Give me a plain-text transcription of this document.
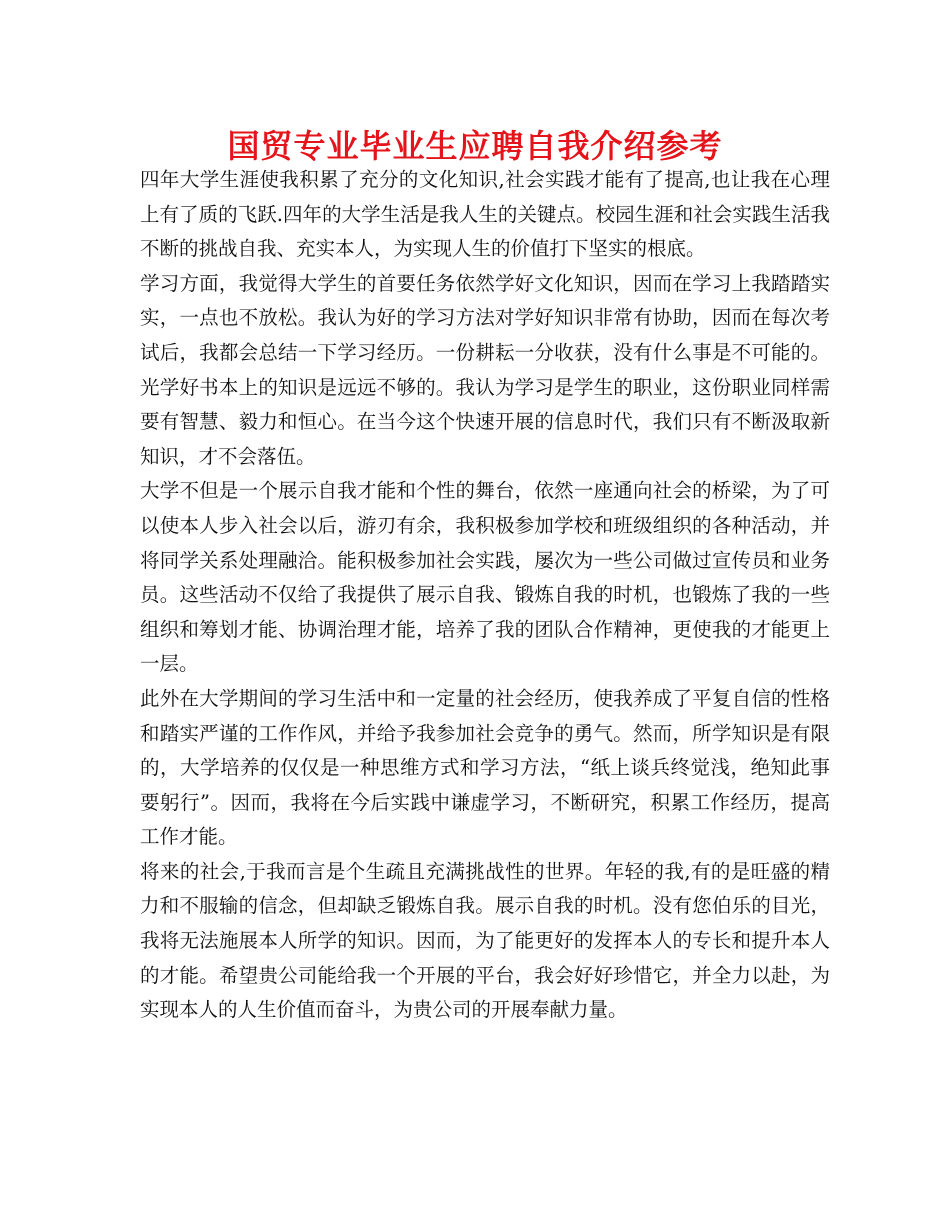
国贸专业毕业生应聘自我介绍参考

四年大学生涯使我积累了充分的文化知识,社会实践才能有了提高,也让我在心理上有了质的飞跃.四年的大学生活是我人生的关键点。校园生涯和社会实践生活我不断的挑战自我、充实本人，为实现人生的价值打下坚实的根底。

学习方面，我觉得大学生的首要任务依然学好文化知识，因而在学习上我踏踏实实，一点也不放松。我认为好的学习方法对学好知识非常有协助，因而在每次考试后，我都会总结一下学习经历。一份耕耘一分收获，没有什么事是不可能的。光学好书本上的知识是远远不够的。我认为学习是学生的职业，这份职业同样需要有智慧、毅力和恒心。在当今这个快速开展的信息时代，我们只有不断汲取新知识，才不会落伍。

大学不但是一个展示自我才能和个性的舞台，依然一座通向社会的桥梁，为了可以使本人步入社会以后，游刃有余，我积极参加学校和班级组织的各种活动，并将同学关系处理融洽。能积极参加社会实践，屡次为一些公司做过宣传员和业务员。这些活动不仅给了我提供了展示自我、锻炼自我的时机，也锻炼了我的一些组织和筹划才能、协调治理才能，培养了我的团队合作精神，更使我的才能更上一层。

此外在大学期间的学习生活中和一定量的社会经历，使我养成了平复自信的性格和踏实严谨的工作作风，并给予我参加社会竞争的勇气。然而，所学知识是有限的，大学培养的仅仅是一种思维方式和学习方法，“纸上谈兵终觉浅，绝知此事要躬行”。因而，我将在今后实践中谦虚学习，不断研究，积累工作经历，提高工作才能。

将来的社会,于我而言是个生疏且充满挑战性的世界。年轻的我,有的是旺盛的精力和不服输的信念，但却缺乏锻炼自我。展示自我的时机。没有您伯乐的目光，我将无法施展本人所学的知识。因而，为了能更好的发挥本人的专长和提升本人的才能。希望贵公司能给我一个开展的平台，我会好好珍惜它，并全力以赴，为实现本人的人生价值而奋斗，为贵公司的开展奉献力量。
